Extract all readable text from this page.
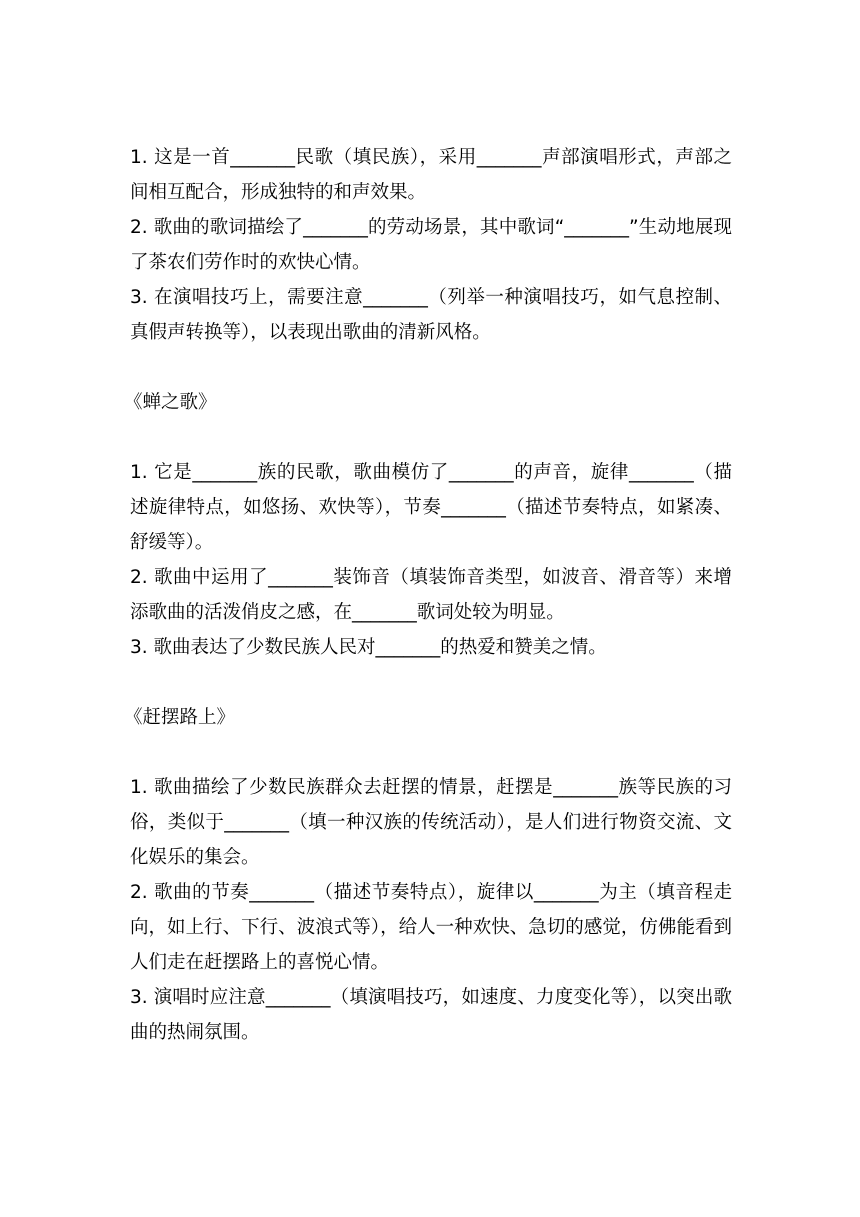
1. 这是一首_______民歌（填民族），采用_______声部演唱形式，声部之间相互配合，形成独特的和声效果。

2. 歌曲的歌词描绘了_______的劳动场景，其中歌词“_______”生动地展现了茶农们劳作时的欢快心情。

3. 在演唱技巧上，需要注意_______（列举一种演唱技巧，如气息控制、真假声转换等），以表现出歌曲的清新风格。

《蝉之歌》

1. 它是_______族的民歌，歌曲模仿了_______的声音，旋律_______（描述旋律特点，如悠扬、欢快等），节奏_______（描述节奏特点，如紧凑、舒缓等）。

2. 歌曲中运用了_______装饰音（填装饰音类型，如波音、滑音等）来增添歌曲的活泼俏皮之感，在_______歌词处较为明显。

3. 歌曲表达了少数民族人民对_______的热爱和赞美之情。

《赶摆路上》

1. 歌曲描绘了少数民族群众去赶摆的情景，赶摆是_______族等民族的习俗，类似于_______（填一种汉族的传统活动），是人们进行物资交流、文化娱乐的集会。

2. 歌曲的节奏_______（描述节奏特点），旋律以_______为主（填音程走向，如上行、下行、波浪式等），给人一种欢快、急切的感觉，仿佛能看到人们走在赶摆路上的喜悦心情。

3. 演唱时应注意_______（填演唱技巧，如速度、力度变化等），以突出歌曲的热闹氛围。
